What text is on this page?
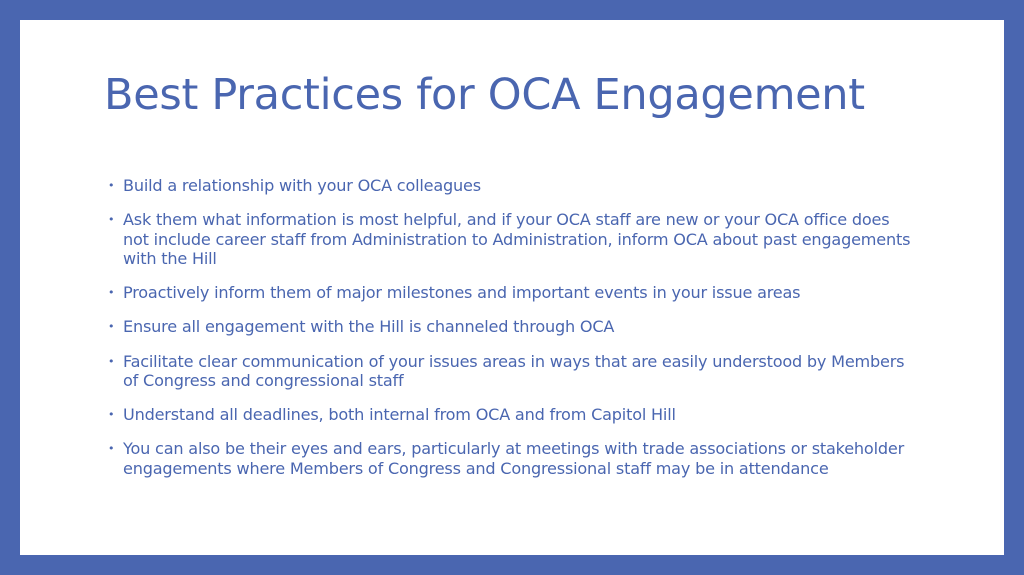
Best Practices for OCA Engagement
• Build a relationship with your OCA colleagues
• Ask them what information is most helpful, and if your OCA staff are new or your OCA office does not include career staff from Administration to Administration, inform OCA about past engagements with the Hill
• Proactively inform them of major milestones and important events in your issue areas
• Ensure all engagement with the Hill is channeled through OCA
• Facilitate clear communication of your issues areas in ways that are easily understood by Members of Congress and congressional staff
• Understand all deadlines, both internal from OCA and from Capitol Hill
• You can also be their eyes and ears, particularly at meetings with trade associations or stakeholder engagements where Members of Congress and Congressional staff may be in attendance
